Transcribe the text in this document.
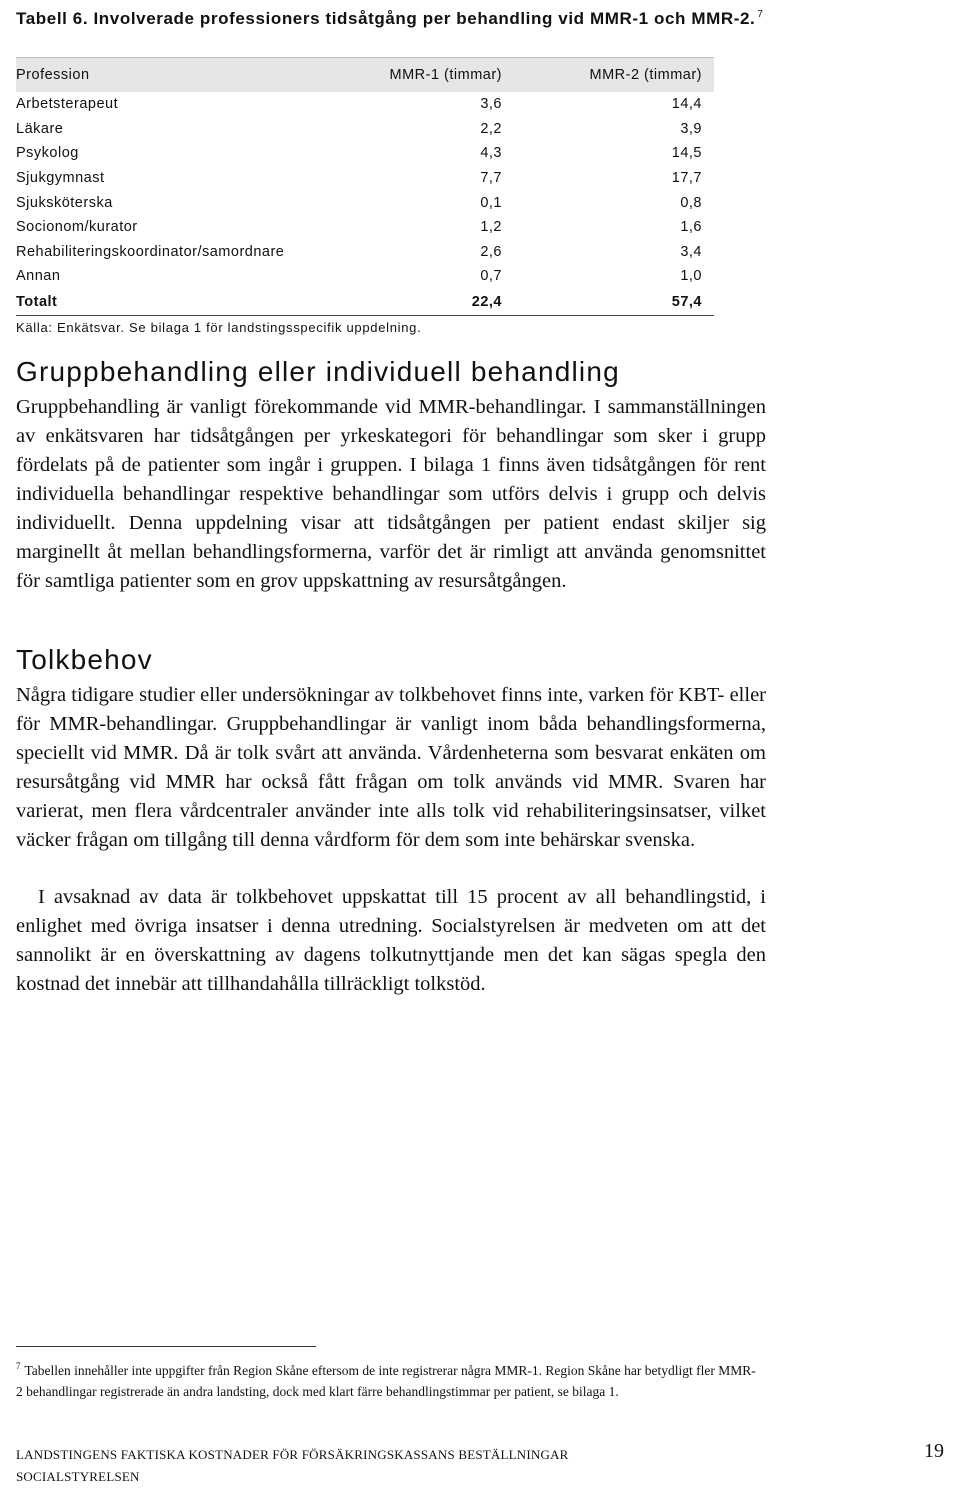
Tabell 6. Involverade professioners tidsåtgång per behandling vid MMR-1 och MMR-2. $^7$
Profession	MMR-1 (timmar)	MMR-2 (timmar)
Arbetsterapeut	3,6	14,4
Läkare	2,2	3,9
Psykolog	4,3	14,5
Sjukgymnast	7,7	17,7
Sjuksköterska	0,1	0,8
Socionom/kurator	1,2	1,6
Rehabiliteringskoordinator/samordnare	2,6	3,4
Annan	0,7	1,0
Totalt	22,4	57,4
Källa: Enkätsvar. Se bilaga 1 för landstingsspecifik uppdelning.
Gruppbehandling eller individuell behandling

Gruppbehandling är vanligt förekommande vid MMR-behandlingar. I sammanställningen av enkätsvaren har tidsåtgången per yrkeskategori för behandlingar som sker i grupp fördelats på de patienter som ingår i gruppen. I bilaga 1 finns även tidsåtgången för rent individuella behandlingar respektive behandlingar som utförs delvis i grupp och delvis individuellt. Denna uppdelning visar att tidsåtgången per patient endast skiljer sig marginellt åt mellan behandlingsformerna, varför det är rimligt att använda genomsnittet för samtliga patienter som en grov uppskattning av resursåtgången.

Tolkbehov

Några tidigare studier eller undersökningar av tolkbehovet finns inte, varken för KBT- eller för MMR-behandlingar. Gruppbehandlingar är vanligt inom båda behandlingsformerna, speciellt vid MMR. Då är tolk svårt att använda. Vårdenheterna som besvarat enkäten om resursåtgång vid MMR har också fått frågan om tolk används vid MMR. Svaren har varierat, men flera vårdcentraler använder inte alls tolk vid rehabiliteringsinsatser, vilket väcker frågan om tillgång till denna vårdform för dem som inte behärskar svenska.

I avsaknad av data är tolkbehovet uppskattat till 15 procent av all behandlingstid, i enlighet med övriga insatser i denna utredning. Socialstyrelsen är medveten om att det sannolikt är en överskattning av dagens tolkutnyttjande men det kan sägas spegla den kostnad det innebär att tillhandahålla tillräckligt tolkstöd.

$^7$ Tabellen innehåller inte uppgifter från Region Skåne eftersom de inte registrerar några MMR-1. Region Skåne har betydligt fler MMR-2 behandlingar registrerade än andra landsting, dock med klart färre behandlingstimmar per patient, se bilaga 1.

LANDSTINGENS FAKTISKA KOSTNADER FÖR FÖRSÄKRINGSKASSANS BESTÄLLNINGAR
SOCIALSTYRELSEN
19
